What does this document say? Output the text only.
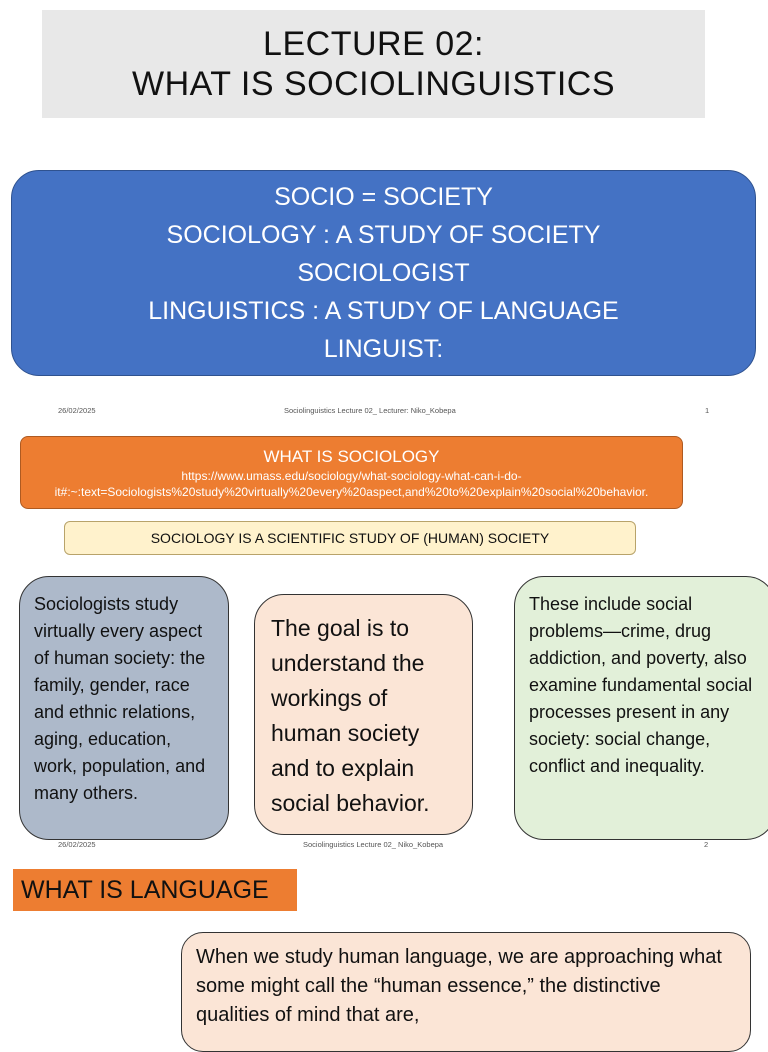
LECTURE 02:
WHAT IS SOCIOLINGUISTICS
SOCIO = SOCIETY
SOCIOLOGY : A STUDY OF SOCIETY
SOCIOLOGIST
LINGUISTICS : A STUDY OF LANGUAGE
LINGUIST:
26/02/2025	Sociolinguistics Lecture 02_ Lecturer: Niko_Kobepa	1
WHAT IS SOCIOLOGY
https://www.umass.edu/sociology/what-sociology-what-can-i-do-
it#:~:text=Sociologists%20study%20virtually%20every%20aspect,and%20to%20explain%20social%20behavior.
SOCIOLOGY IS A SCIENTIFIC STUDY OF (HUMAN) SOCIETY
Sociologists study virtually every aspect of human society: the family, gender, race and ethnic relations, aging, education, work, population, and many others.
The goal is to understand the workings of human society and to explain social behavior.
These include social problems—crime, drug addiction, and poverty, also examine fundamental social processes present in any society: social change, conflict and inequality.
26/02/2025	Sociolinguistics Lecture 02_ Niko_Kobepa	2
WHAT IS LANGUAGE
When we study human language, we are approaching what some might call the “human essence,” the distinctive qualities of mind that are,
